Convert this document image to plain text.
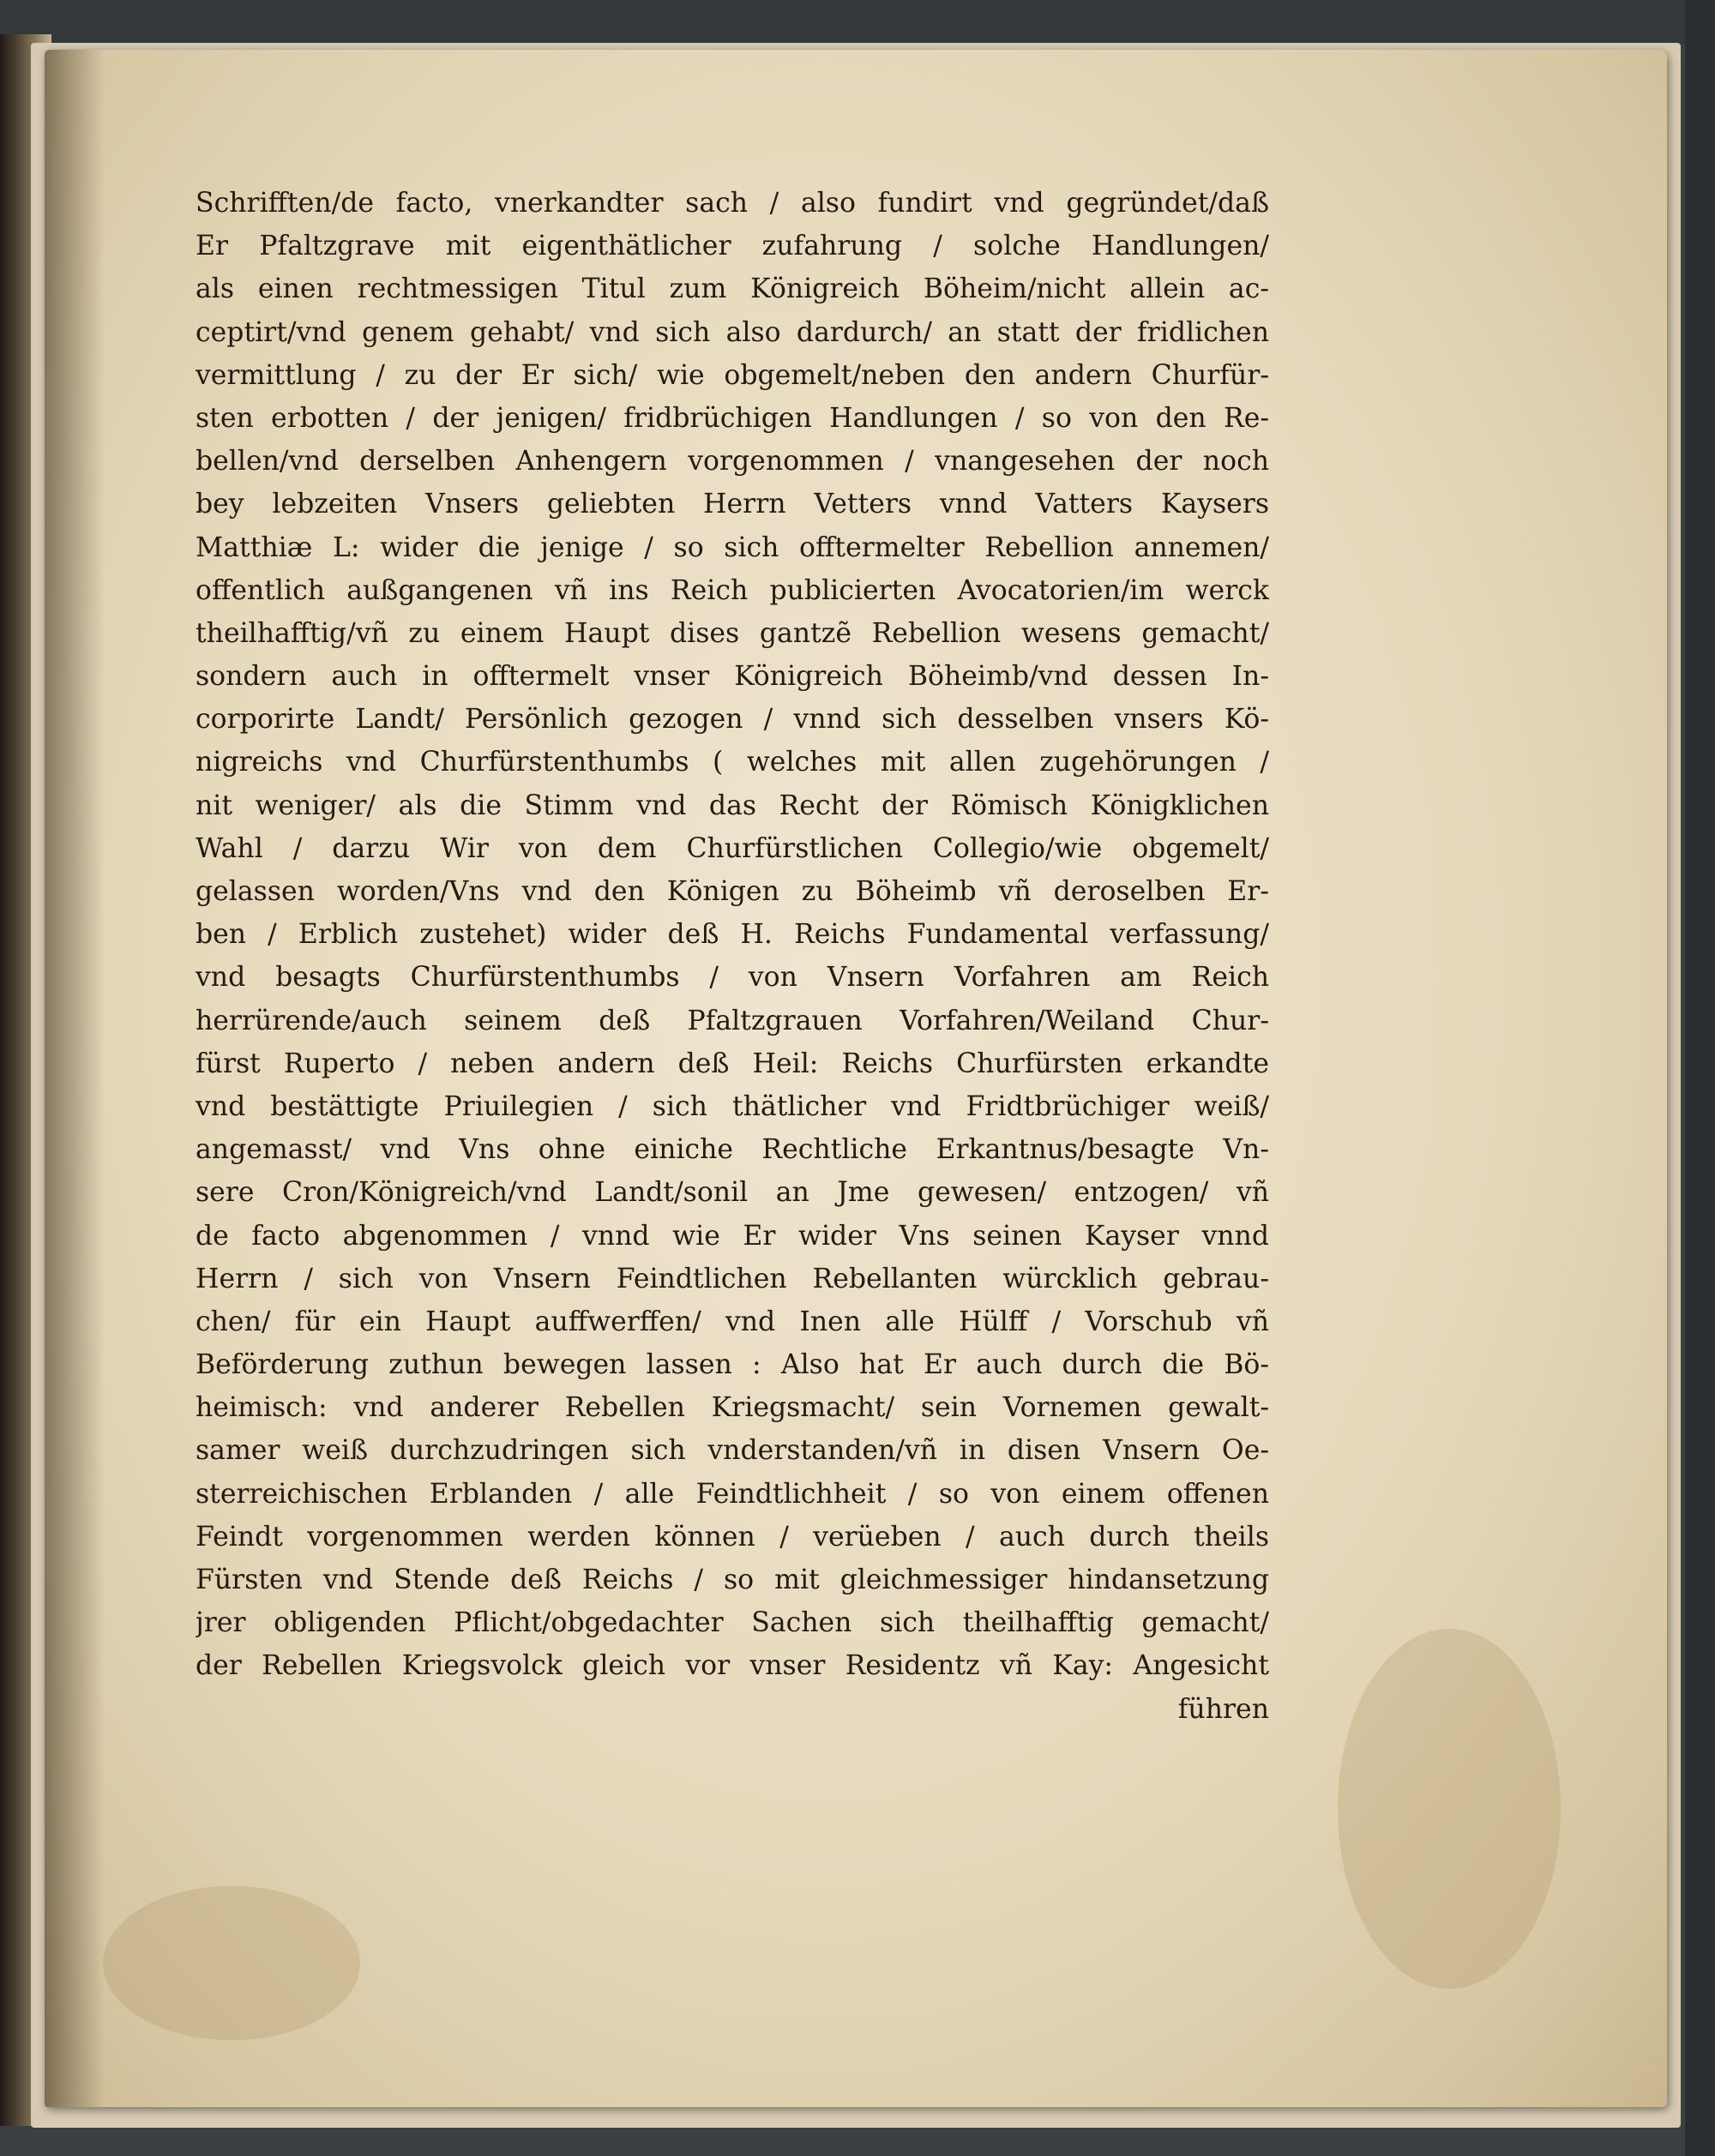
Schrifften/de facto, vnerkandter sach / also fundirt vnd gegründet/daß
Er Pfaltzgrave mit eigenthätlicher zufahrung / solche Handlungen/
als einen rechtmessigen Titul zum Königreich Böheim/nicht allein ac-
ceptirt/vnd genem gehabt/ vnd sich also dardurch/ an statt der fridlichen
vermittlung / zu der Er sich/ wie obgemelt/neben den andern Churfür-
sten erbotten / der jenigen/ fridbrüchigen Handlungen / so von den Re-
bellen/vnd derselben Anhengern vorgenommen / vnangesehen der noch
bey lebzeiten Vnsers geliebten Herrn Vetters vnnd Vatters Kaysers
Matthiæ L: wider die jenige / so sich offtermelter Rebellion annemen/
offentlich außgangenen vñ ins Reich publicierten Avocatorien/im werck
theilhafftig/vñ zu einem Haupt dises gantzẽ Rebellion wesens gemacht/
sondern auch in offtermelt vnser Königreich Böheimb/vnd dessen In-
corporirte Landt/ Persönlich gezogen / vnnd sich desselben vnsers Kö-
nigreichs vnd Churfürstenthumbs ( welches mit allen zugehörungen /
nit weniger/ als die Stimm vnd das Recht der Römisch Königklichen
Wahl / darzu Wir von dem Churfürstlichen Collegio/wie obgemelt/
gelassen worden/Vns vnd den Königen zu Böheimb vñ deroselben Er-
ben / Erblich zustehet) wider deß H. Reichs Fundamental verfassung/
vnd besagts Churfürstenthumbs / von Vnsern Vorfahren am Reich
herrürende/auch seinem deß Pfaltzgrauen Vorfahren/Weiland Chur-
fürst Ruperto / neben andern deß Heil: Reichs Churfürsten erkandte
vnd bestättigte Priuilegien / sich thätlicher vnd Fridtbrüchiger weiß/
angemasst/ vnd Vns ohne einiche Rechtliche Erkantnus/besagte Vn-
sere Cron/Königreich/vnd Landt/sonil an Jme gewesen/ entzogen/ vñ
de facto abgenommen / vnnd wie Er wider Vns seinen Kayser vnnd
Herrn / sich von Vnsern Feindtlichen Rebellanten würcklich gebrau-
chen/ für ein Haupt auffwerffen/ vnd Inen alle Hülff / Vorschub vñ
Beförderung zuthun bewegen lassen : Also hat Er auch durch die Bö-
heimisch: vnd anderer Rebellen Kriegsmacht/ sein Vornemen gewalt-
samer weiß durchzudringen sich vnderstanden/vñ in disen Vnsern Oe-
sterreichischen Erblanden / alle Feindtlichheit / so von einem offenen
Feindt vorgenommen werden können / verüeben / auch durch theils
Fürsten vnd Stende deß Reichs / so mit gleichmessiger hindansetzung
jrer obligenden Pflicht/obgedachter Sachen sich theilhafftig gemacht/
der Rebellen Kriegsvolck gleich vor vnser Residentz vñ Kay: Angesicht
führen
